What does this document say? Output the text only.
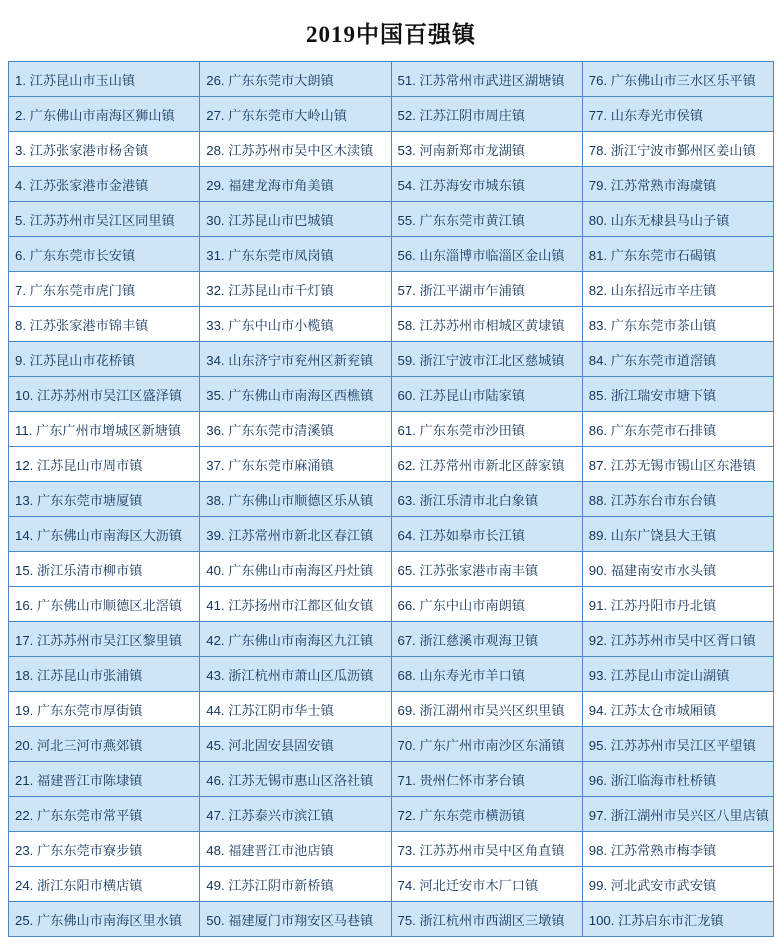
2019中国百强镇
1. 江苏昆山市玉山镇	26. 广东东莞市大朗镇	51. 江苏常州市武进区湖塘镇	76. 广东佛山市三水区乐平镇
2. 广东佛山市南海区狮山镇	27. 广东东莞市大岭山镇	52. 江苏江阴市周庄镇	77. 山东寿光市侯镇
3. 江苏张家港市杨舍镇	28. 江苏苏州市吴中区木渎镇	53. 河南新郑市龙湖镇	78. 浙江宁波市鄞州区姜山镇
4. 江苏张家港市金港镇	29. 福建龙海市角美镇	54. 江苏海安市城东镇	79. 江苏常熟市海虞镇
5. 江苏苏州市吴江区同里镇	30. 江苏昆山市巴城镇	55. 广东东莞市黄江镇	80. 山东无棣县马山子镇
6. 广东东莞市长安镇	31. 广东东莞市凤岗镇	56. 山东淄博市临淄区金山镇	81. 广东东莞市石碣镇
7. 广东东莞市虎门镇	32. 江苏昆山市千灯镇	57. 浙江平湖市乍浦镇	82. 山东招远市辛庄镇
8. 江苏张家港市锦丰镇	33. 广东中山市小榄镇	58. 江苏苏州市相城区黄埭镇	83. 广东东莞市茶山镇
9. 江苏昆山市花桥镇	34. 山东济宁市兖州区新兖镇	59. 浙江宁波市江北区慈城镇	84. 广东东莞市道滘镇
10. 江苏苏州市吴江区盛泽镇	35. 广东佛山市南海区西樵镇	60. 江苏昆山市陆家镇	85. 浙江瑞安市塘下镇
11. 广东广州市增城区新塘镇	36. 广东东莞市清溪镇	61. 广东东莞市沙田镇	86. 广东东莞市石排镇
12. 江苏昆山市周市镇	37. 广东东莞市麻涌镇	62. 江苏常州市新北区薛家镇	87. 江苏无锡市锡山区东港镇
13. 广东东莞市塘厦镇	38. 广东佛山市顺德区乐从镇	63. 浙江乐清市北白象镇	88. 江苏东台市东台镇
14. 广东佛山市南海区大沥镇	39. 江苏常州市新北区春江镇	64. 江苏如皋市长江镇	89. 山东广饶县大王镇
15. 浙江乐清市柳市镇	40. 广东佛山市南海区丹灶镇	65. 江苏张家港市南丰镇	90. 福建南安市水头镇
16. 广东佛山市顺德区北滘镇	41. 江苏扬州市江都区仙女镇	66. 广东中山市南朗镇	91. 江苏丹阳市丹北镇
17. 江苏苏州市吴江区黎里镇	42. 广东佛山市南海区九江镇	67. 浙江慈溪市观海卫镇	92. 江苏苏州市吴中区胥口镇
18. 江苏昆山市张浦镇	43. 浙江杭州市萧山区瓜沥镇	68. 山东寿光市羊口镇	93. 江苏昆山市淀山湖镇
19. 广东东莞市厚街镇	44. 江苏江阴市华士镇	69. 浙江湖州市吴兴区织里镇	94. 江苏太仓市城厢镇
20. 河北三河市燕郊镇	45. 河北固安县固安镇	70. 广东广州市南沙区东涌镇	95. 江苏苏州市吴江区平望镇
21. 福建晋江市陈埭镇	46. 江苏无锡市惠山区洛社镇	71. 贵州仁怀市茅台镇	96. 浙江临海市杜桥镇
22. 广东东莞市常平镇	47. 江苏泰兴市滨江镇	72. 广东东莞市横沥镇	97. 浙江湖州市吴兴区八里店镇
23. 广东东莞市寮步镇	48. 福建晋江市池店镇	73. 江苏苏州市吴中区角直镇	98. 江苏常熟市梅李镇
24. 浙江东阳市横店镇	49. 江苏江阴市新桥镇	74. 河北迁安市木厂口镇	99. 河北武安市武安镇
25. 广东佛山市南海区里水镇	50. 福建厦门市翔安区马巷镇	75. 浙江杭州市西湖区三墩镇	100. 江苏启东市汇龙镇
